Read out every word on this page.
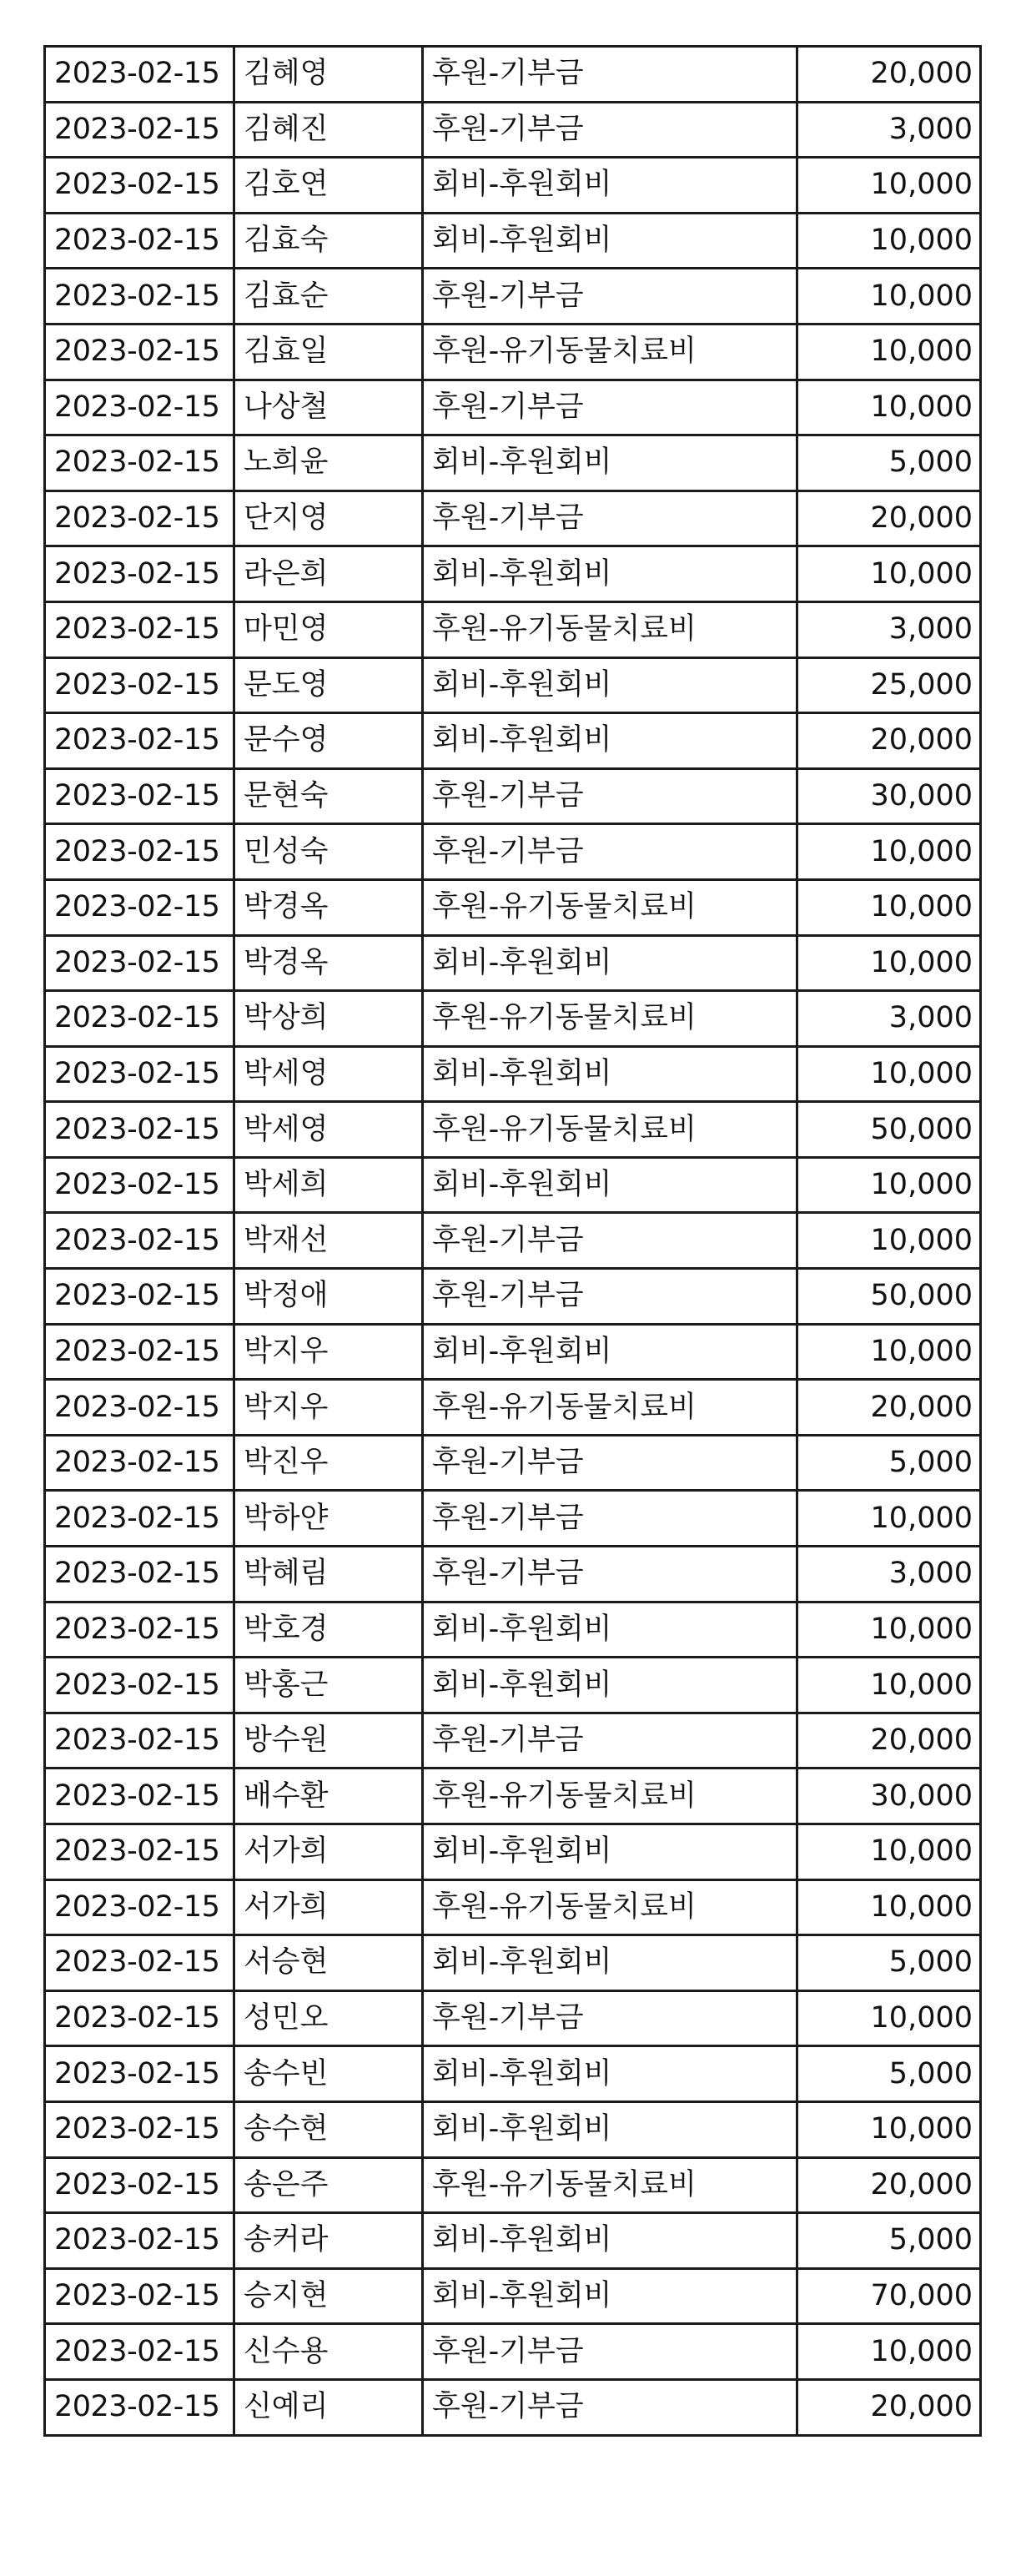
2023-02-15	김혜영	후원-기부금	20,000
2023-02-15	김혜진	후원-기부금	3,000
2023-02-15	김호연	회비-후원회비	10,000
2023-02-15	김효숙	회비-후원회비	10,000
2023-02-15	김효순	후원-기부금	10,000
2023-02-15	김효일	후원-유기동물치료비	10,000
2023-02-15	나상철	후원-기부금	10,000
2023-02-15	노희윤	회비-후원회비	5,000
2023-02-15	단지영	후원-기부금	20,000
2023-02-15	라은희	회비-후원회비	10,000
2023-02-15	마민영	후원-유기동물치료비	3,000
2023-02-15	문도영	회비-후원회비	25,000
2023-02-15	문수영	회비-후원회비	20,000
2023-02-15	문현숙	후원-기부금	30,000
2023-02-15	민성숙	후원-기부금	10,000
2023-02-15	박경옥	후원-유기동물치료비	10,000
2023-02-15	박경옥	회비-후원회비	10,000
2023-02-15	박상희	후원-유기동물치료비	3,000
2023-02-15	박세영	회비-후원회비	10,000
2023-02-15	박세영	후원-유기동물치료비	50,000
2023-02-15	박세희	회비-후원회비	10,000
2023-02-15	박재선	후원-기부금	10,000
2023-02-15	박정애	후원-기부금	50,000
2023-02-15	박지우	회비-후원회비	10,000
2023-02-15	박지우	후원-유기동물치료비	20,000
2023-02-15	박진우	후원-기부금	5,000
2023-02-15	박하얀	후원-기부금	10,000
2023-02-15	박혜림	후원-기부금	3,000
2023-02-15	박호경	회비-후원회비	10,000
2023-02-15	박홍근	회비-후원회비	10,000
2023-02-15	방수원	후원-기부금	20,000
2023-02-15	배수환	후원-유기동물치료비	30,000
2023-02-15	서가희	회비-후원회비	10,000
2023-02-15	서가희	후원-유기동물치료비	10,000
2023-02-15	서승현	회비-후원회비	5,000
2023-02-15	성민오	후원-기부금	10,000
2023-02-15	송수빈	회비-후원회비	5,000
2023-02-15	송수현	회비-후원회비	10,000
2023-02-15	송은주	후원-유기동물치료비	20,000
2023-02-15	송커라	회비-후원회비	5,000
2023-02-15	승지현	회비-후원회비	70,000
2023-02-15	신수용	후원-기부금	10,000
2023-02-15	신예리	후원-기부금	20,000
